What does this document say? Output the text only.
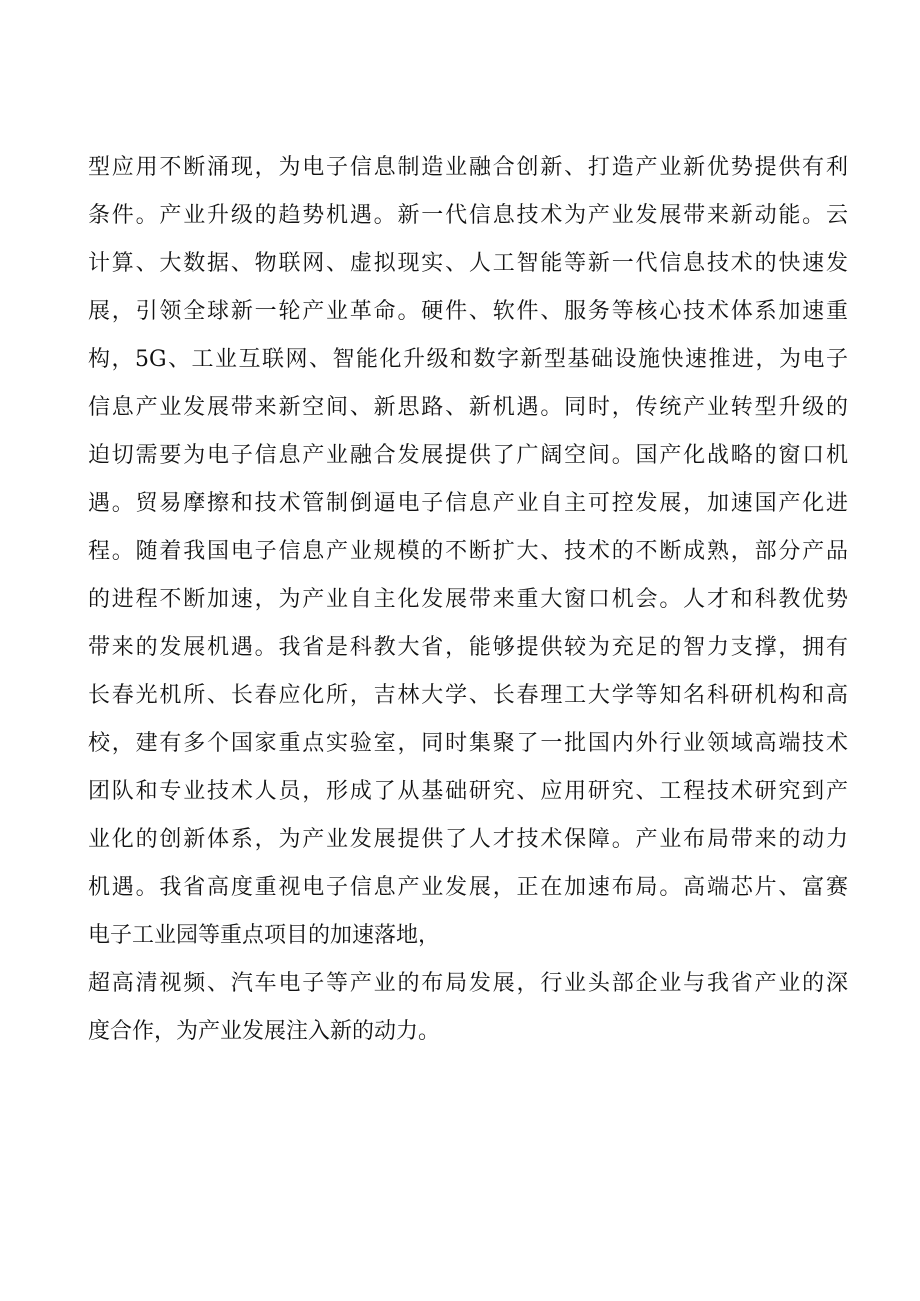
型应用不断涌现，为电子信息制造业融合创新、打造产业新优势提供有利
条件。产业升级的趋势机遇。新一代信息技术为产业发展带来新动能。云
计算、大数据、物联网、虚拟现实、人工智能等新一代信息技术的快速发
展，引领全球新一轮产业革命。硬件、软件、服务等核心技术体系加速重
构，5G、工业互联网、智能化升级和数字新型基础设施快速推进，为电子
信息产业发展带来新空间、新思路、新机遇。同时，传统产业转型升级的
迫切需要为电子信息产业融合发展提供了广阔空间。国产化战略的窗口机
遇。贸易摩擦和技术管制倒逼电子信息产业自主可控发展，加速国产化进
程。随着我国电子信息产业规模的不断扩大、技术的不断成熟，部分产品
的进程不断加速，为产业自主化发展带来重大窗口机会。人才和科教优势
带来的发展机遇。我省是科教大省，能够提供较为充足的智力支撑，拥有
长春光机所、长春应化所，吉林大学、长春理工大学等知名科研机构和高
校，建有多个国家重点实验室，同时集聚了一批国内外行业领域高端技术
团队和专业技术人员，形成了从基础研究、应用研究、工程技术研究到产
业化的创新体系，为产业发展提供了人才技术保障。产业布局带来的动力
机遇。我省高度重视电子信息产业发展，正在加速布局。高端芯片、富赛
电子工业园等重点项目的加速落地，
超高清视频、汽车电子等产业的布局发展，行业头部企业与我省产业的深
度合作，为产业发展注入新的动力。
